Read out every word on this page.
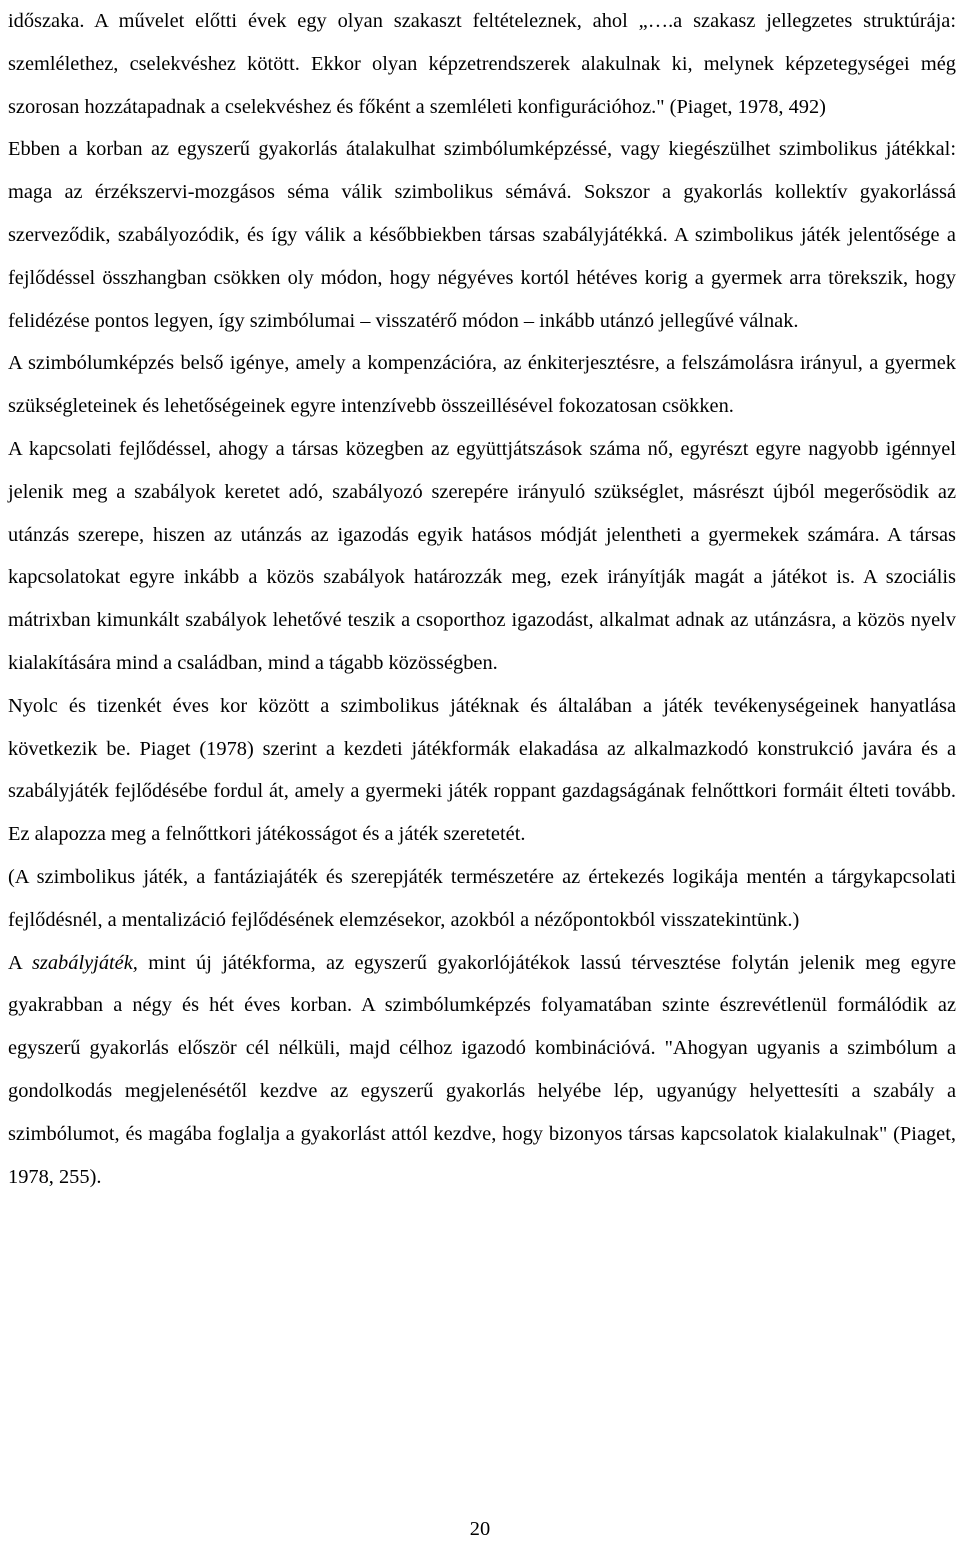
időszaka. A művelet előtti évek egy olyan szakaszt feltételeznek, ahol „….a szakasz jellegzetes struktúrája: szemlélethez, cselekvéshez kötött. Ekkor olyan képzetrendszerek alakulnak ki, melynek képzetegységei még szorosan hozzátapadnak a cselekvéshez és főként a szemléleti konfigurációhoz." (Piaget, 1978, 492)

Ebben a korban az egyszerű gyakorlás átalakulhat szimbólumképzéssé, vagy kiegészülhet szimbolikus játékkal: maga az érzékszervi-mozgásos séma válik szimbolikus sémává. Sokszor a gyakorlás kollektív gyakorlássá szerveződik, szabályozódik, és így válik a későbbiekben társas szabályjátékká. A szimbolikus játék jelentősége a fejlődéssel összhangban csökken oly módon, hogy négyéves kortól hétéves korig a gyermek arra törekszik, hogy felidézése pontos legyen, így szimbólumai – visszatérő módon – inkább utánzó jellegűvé válnak.

A szimbólumképzés belső igénye, amely a kompenzációra, az énkiterjesztésre, a felszámolásra irányul, a gyermek szükségleteinek és lehetőségeinek egyre intenzívebb összeillésével fokozatosan csökken.

A kapcsolati fejlődéssel, ahogy a társas közegben az együttjátszások száma nő, egyrészt egyre nagyobb igénnyel jelenik meg a szabályok keretet adó, szabályozó szerepére irányuló szükséglet, másrészt újból megerősödik az utánzás szerepe, hiszen az utánzás az igazodás egyik hatásos módját jelentheti a gyermekek számára. A társas kapcsolatokat egyre inkább a közös szabályok határozzák meg, ezek irányítják magát a játékot is. A szociális mátrixban kimunkált szabályok lehetővé teszik a csoporthoz igazodást, alkalmat adnak az utánzásra, a közös nyelv kialakítására mind a családban, mind a tágabb közösségben.

Nyolc és tizenkét éves kor között a szimbolikus játéknak és általában a játék tevékenységeinek hanyatlása következik be. Piaget (1978) szerint a kezdeti játékformák elakadása az alkalmazkodó konstrukció javára és a szabályjáték fejlődésébe fordul át, amely a gyermeki játék roppant gazdagságának felnőttkori formáit élteti tovább. Ez alapozza meg a felnőttkori játékosságot és a játék szeretetét.

(A szimbolikus játék, a fantáziajáték és szerepjáték természetére az értekezés logikája mentén a tárgykapcsolati fejlődésnél, a mentalizáció fejlődésének elemzésekor, azokból a nézőpontokból visszatekintünk.)

A szabályjáték, mint új játékforma, az egyszerű gyakorlójátékok lassú térvesztése folytán jelenik meg egyre gyakrabban a négy és hét éves korban. A szimbólumképzés folyamatában szinte észrevétlenül formálódik az egyszerű gyakorlás először cél nélküli, majd célhoz igazodó kombinációvá. "Ahogyan ugyanis a szimbólum a gondolkodás megjelenésétől kezdve az egyszerű gyakorlás helyébe lép, ugyanúgy helyettesíti a szabály a szimbólumot, és magába foglalja a gyakorlást attól kezdve, hogy bizonyos társas kapcsolatok kialakulnak" (Piaget, 1978, 255).

20
